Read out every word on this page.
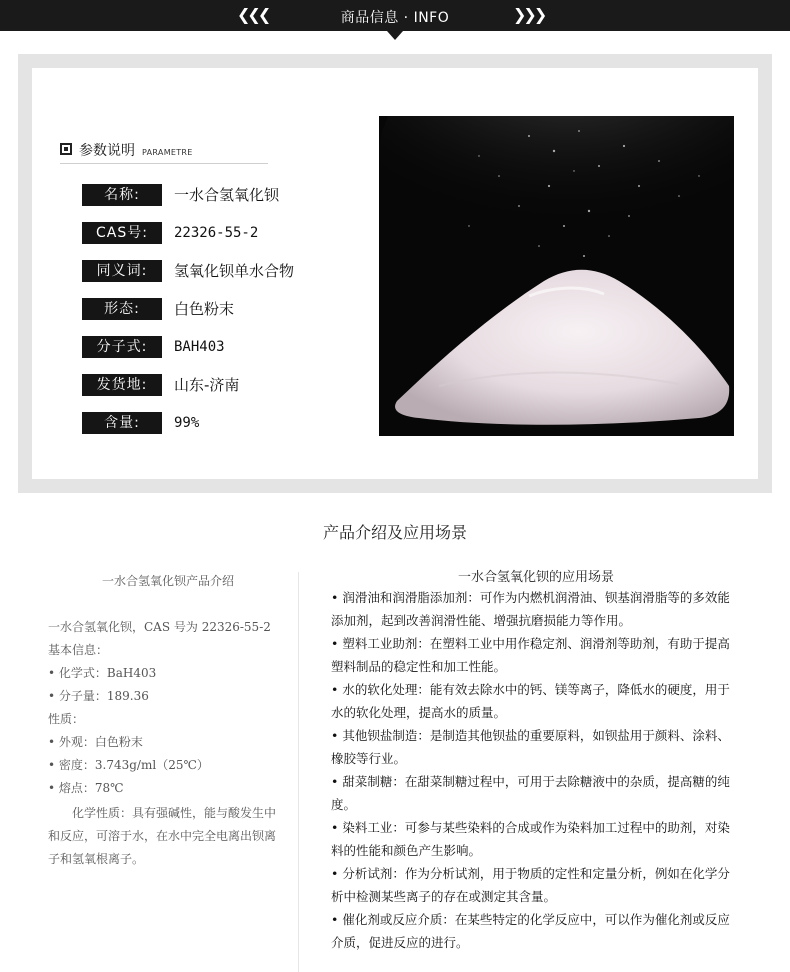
❮❮❮	商品信息 · INFO	❯❯❯
参数说明 PARAMETRE
名称:	一水合氢氧化钡
CAS号:	22326-55-2
同义词:	氢氧化钡单水合物
形态:	白色粉末
分子式:	BAH403
发货地:	山东-济南
含量:	99%
产品介绍及应用场景
一水合氢氧化钡产品介绍
一水合氢氧化钡，CAS 号为 22326-55-2
基本信息：
• 化学式：BaH403
• 分子量：189.36
性质：
• 外观：白色粉末
• 密度：3.743g/ml（25℃）
• 熔点：78℃
化学性质：具有强碱性，能与酸发生中和反应，可溶于水，在水中完全电离出钡离子和氢氧根离子。
一水合氢氧化钡的应用场景

• 润滑油和润滑脂添加剂：可作为内燃机润滑油、钡基润滑脂等的多效能添加剂，起到改善润滑性能、增强抗磨损能力等作用。

• 塑料工业助剂：在塑料工业中用作稳定剂、润滑剂等助剂，有助于提高塑料制品的稳定性和加工性能。

• 水的软化处理：能有效去除水中的钙、镁等离子，降低水的硬度，用于水的软化处理，提高水的质量。

• 其他钡盐制造：是制造其他钡盐的重要原料，如钡盐用于颜料、涂料、橡胶等行业。

• 甜菜制糖：在甜菜制糖过程中，可用于去除糖液中的杂质，提高糖的纯度。

• 染料工业：可参与某些染料的合成或作为染料加工过程中的助剂，对染料的性能和颜色产生影响。

• 分析试剂：作为分析试剂，用于物质的定性和定量分析，例如在化学分析中检测某些离子的存在或测定其含量。

• 催化剂或反应介质：在某些特定的化学反应中，可以作为催化剂或反应介质，促进反应的进行。
